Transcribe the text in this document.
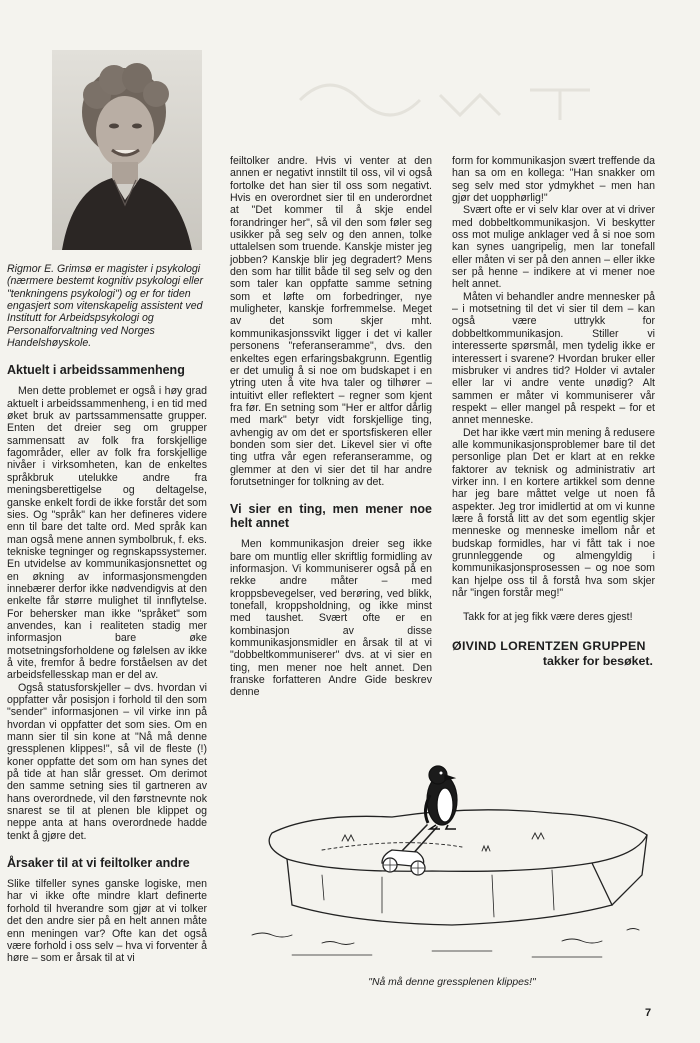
Rigmor E. Grimsø er magister i psykologi (nærmere bestemt kognitiv psykologi eller "tenkningens psykologi") og er for tiden engasjert som vitenskapelig assistent ved Institutt for Arbeidspsykologi og Personalforvaltning ved Norges Handelshøyskole.

Aktuelt i arbeidssammenheng

Men dette problemet er også i høy grad aktuelt i arbeidssammenheng, i en tid med øket bruk av partssammensatte grupper. Enten det dreier seg om grupper sammensatt av folk fra forskjellige fagområder, eller av folk fra forskjellige nivåer i virksomheten, kan de enkeltes språkbruk utelukke andre fra meningsberettigelse og deltagelse, ganske enkelt fordi de ikke forstår det som sies. Og "språk" kan her defineres videre enn til bare det talte ord. Med språk kan man også mene annen symbolbruk, f. eks. tekniske tegninger og regnskapssystemer. En utvidelse av kommunikasjonsnettet og en økning av informasjonsmengden innebærer derfor ikke nødvendigvis at den enkelte får større mulighet til innflytelse. For behersker man ikke "språket" som anvendes, kan i realiteten stadig mer informasjon bare øke motsetningsforholdene og følelsen av ikke å vite, fremfor å bedre forståelsen av det arbeidsfellesskap man er del av.

Også statusforskjeller – dvs. hvordan vi oppfatter vår posisjon i forhold til den som "sender" informasjonen – vil virke inn på hvordan vi oppfatter det som sies. Om en mann sier til sin kone at "Nå må denne gressplenen klippes!", så vil de fleste (!) koner oppfatte det som om han synes det på tide at han slår gresset. Om derimot den samme setning sies til gartneren av hans overordnede, vil den førstnevnte nok snarest se til at plenen ble klippet og neppe anta at hans overordnede hadde tenkt å gjøre det.

Årsaker til at vi feiltolker andre

Slike tilfeller synes ganske logiske, men har vi ikke ofte mindre klart definerte forhold til hverandre som gjør at vi tolker det den andre sier på en helt annen måte enn meningen var? Ofte kan det også være forhold i oss selv – hva vi forventer å høre – som er årsak til at vi

feiltolker andre. Hvis vi venter at den annen er negativt innstilt til oss, vil vi også fortolke det han sier til oss som negativt. Hvis en overordnet sier til en underordnet at "Det kommer til å skje endel forandringer her", så vil den som føler seg usikker på seg selv og den annen, tolke uttalelsen som truende. Kanskje mister jeg jobben? Kanskje blir jeg degradert? Mens den som har tillit både til seg selv og den som taler kan oppfatte samme setning som et løfte om forbedringer, nye muligheter, kanskje forfremmelse. Meget av det som skjer mht. kommunikasjonssvikt ligger i det vi kaller personens "referanseramme", dvs. den enkeltes egen erfaringsbakgrunn. Egentlig er det umulig å si noe om budskapet i en ytring uten å vite hva taler og tilhører – intuitivt eller reflektert – regner som kjent fra før. En setning som "Her er altfor dårlig med mark" betyr vidt forskjellige ting, avhengig av om det er sportsfiskeren eller bonden som sier det. Likevel sier vi ofte ting utfra vår egen referanseramme, og glemmer at den vi sier det til har andre forutsetninger for tolkning av det.

Vi sier en ting, men mener noe helt annet

Men kommunikasjon dreier seg ikke bare om muntlig eller skriftlig formidling av informasjon. Vi kommuniserer også på en rekke andre måter – med kroppsbevegelser, ved berøring, ved blikk, tonefall, kroppsholdning, og ikke minst med taushet. Svært ofte er en kombinasjon av disse kommunikasjonsmidler en årsak til at vi "dobbeltkommuniserer" dvs. at vi sier en ting, men mener noe helt annet. Den franske forfatteren Andre Gide beskrev denne

form for kommunikasjon svært treffende da han sa om en kollega: "Han snakker om seg selv med stor ydmykhet – men han gjør det uopphørlig!"

Svært ofte er vi selv klar over at vi driver med dobbeltkommunikasjon. Vi beskytter oss mot mulige anklager ved å si noe som kan synes uangripelig, men lar tonefall eller måten vi ser på den annen – eller ikke ser på henne – indikere at vi mener noe helt annet.

Måten vi behandler andre mennesker på – i motsetning til det vi sier til dem – kan også være uttrykk for dobbeltkommunikasjon. Stiller vi interesserte spørsmål, men tydelig ikke er interessert i svarene? Hvordan bruker eller misbruker vi andres tid? Holder vi avtaler eller lar vi andre vente unødig? Alt sammen er måter vi kommuniserer vår respekt – eller mangel på respekt – for et annet menneske.

Det har ikke vært min mening å redusere alle kommunikasjonsproblemer bare til det personlige plan Det er klart at en rekke faktorer av teknisk og administrativ art virker inn. I en kortere artikkel som denne har jeg bare måttet velge ut noen få aspekter. Jeg tror imidlertid at om vi kunne lære å forstå litt av det som egentlig skjer menneske og menneske imellom når et budskap formidles, har vi fått tak i noe grunnleggende og almengyldig i kommunikasjonsprosessen – og noe som kan hjelpe oss til å forstå hva som skjer når "ingen forstår meg!"

Takk for at jeg fikk være deres gjest!

ØIVIND LORENTZEN GRUPPEN
takker for besøket.
"Nå må denne gressplenen klippes!"
7
